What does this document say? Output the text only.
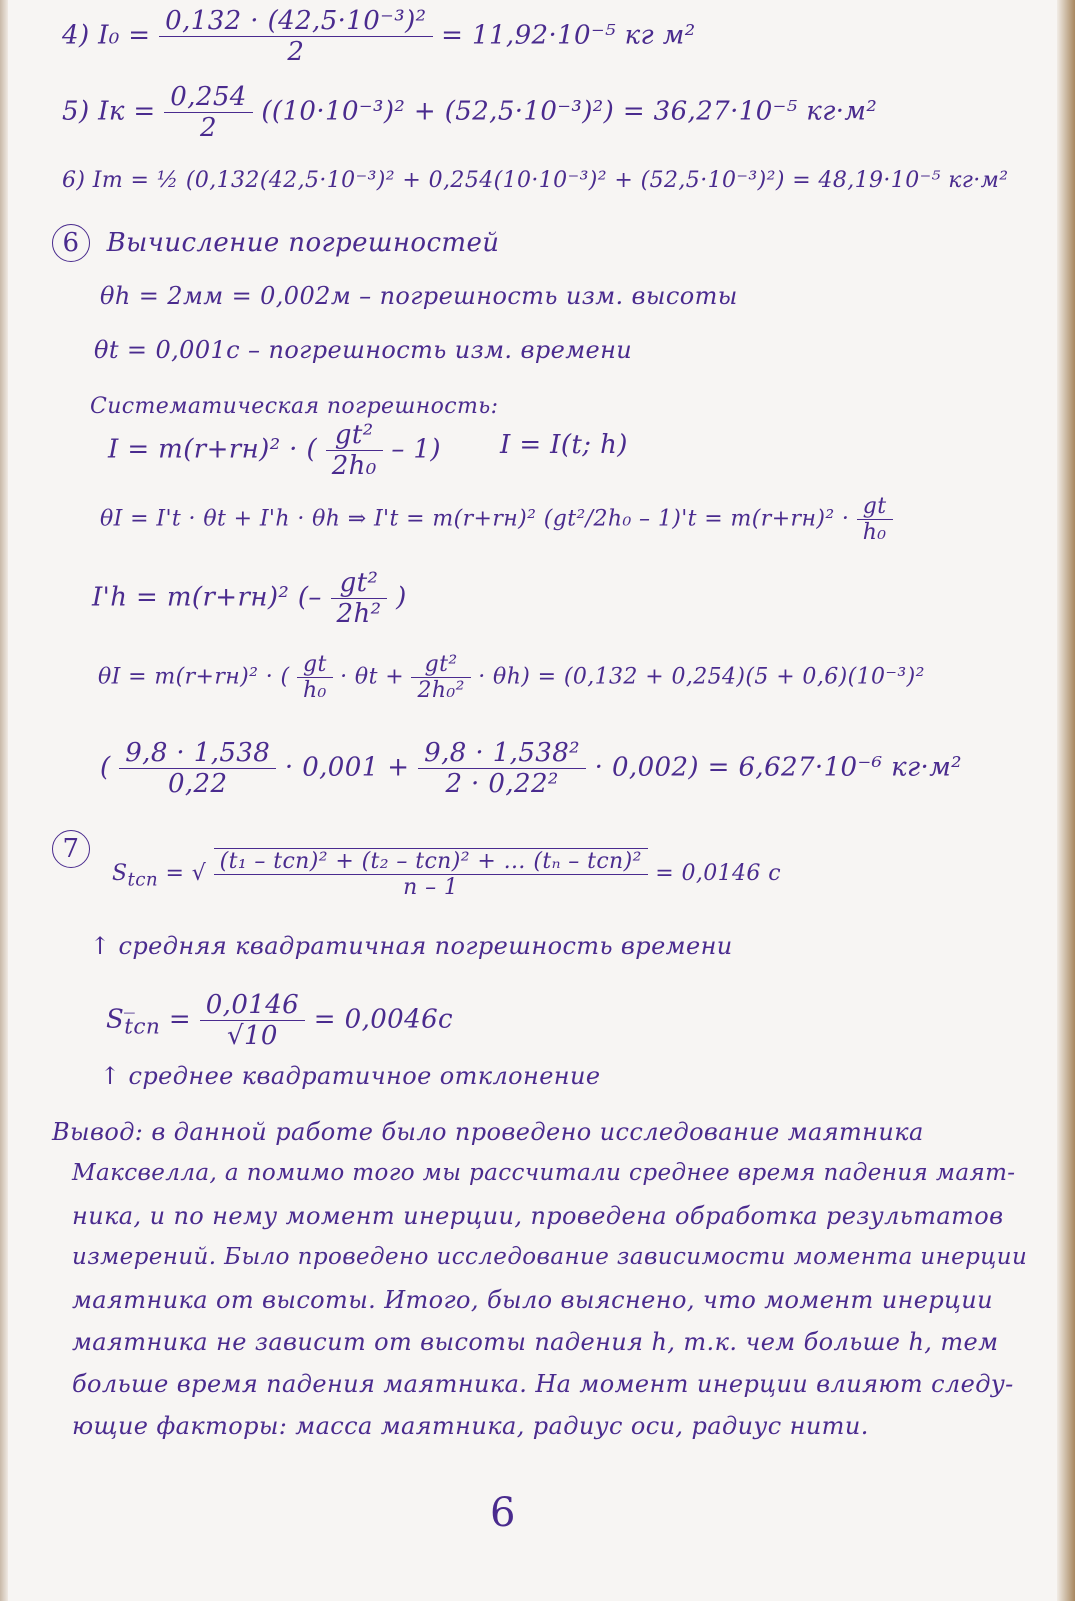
4) $I_0 = \frac{\text{0,132 · (42,5·10⁻³)²}}{2} = 11,92\cdot 10^{-5}$ кг м²
5) Iк = $\frac{0,254}{2} ((10\cdot 10^{-3})^2 + (52,5\cdot 10^{-3})^2) = 36,27\cdot 10^{-5}$ кг·м²
6) Iт = ½ (0,132(42,5·10⁻³)² + 0,254(10·10⁻³)² + (52,5·10⁻³)²) = 48,19·10⁻⁵ кг·м²
6 Вычисление погрешностей
θh = 2мм = 0,002м – погрешность изм. высоты
θt = 0,001c – погрешность изм. времени
Систематическая погрешность:
I = m(r+rн)² · ( $\frac{\text{gt²}}{\text{2h₀}} - 1$) I = I(t; h)
θI = I't · θt + I'h · θh ⇒ I't = m(r+rн)² $(gt^2/2h_0 - 1)'t = m(r+rн)^2 \cdot \frac{gt}{\text{h₀}}$
I'h = m(r+rн)² (– $\frac{\text{gt²}}{\text{2h²}}$ )
θI = m(r+rн)² · ( $\frac{gt}{\text{h₀}} \cdot \theta t + \frac{\text{gt²}}{\text{2h₀²}} \cdot \theta h) = (0,132 + 0,254)(5 + 0,6)(10^{-3})^2$
( $\frac{9,8 \cdot 1,538}{0,22} \cdot 0,001 + \frac{\text{9,8 · 1,538²}}{\text{2 · 0,22²}} \cdot 0,002) = 6,627\cdot 10^{-6}$ кг·м²
7
$S_{tсп}$ = √ $\frac{\text{(t₁ – tсп)² + (t₂ – tсп)² + … (tₙ – tсп)²}}{n - 1} = 0,0146$ c
↑ средняя квадратичная погрешность времени
$S_{t̅сп} = \frac{0,0146}{√10} = 0,0046c$
↑ среднее квадратичное отклонение
Вывод: в данной работе было проведено исследование маятника
Максвелла, а помимо того мы рассчитали среднее время падения маят-
ника, и по нему момент инерции, проведена обработка результатов
измерений. Было проведено исследование зависимости момента инерции
маятника от высоты. Итого, было выяснено, что момент инерции
маятника не зависит от высоты падения h, т.к. чем больше h, тем
больше время падения маятника. На момент инерции влияют следу-
ющие факторы: масса маятника, радиус оси, радиус нити.
6
